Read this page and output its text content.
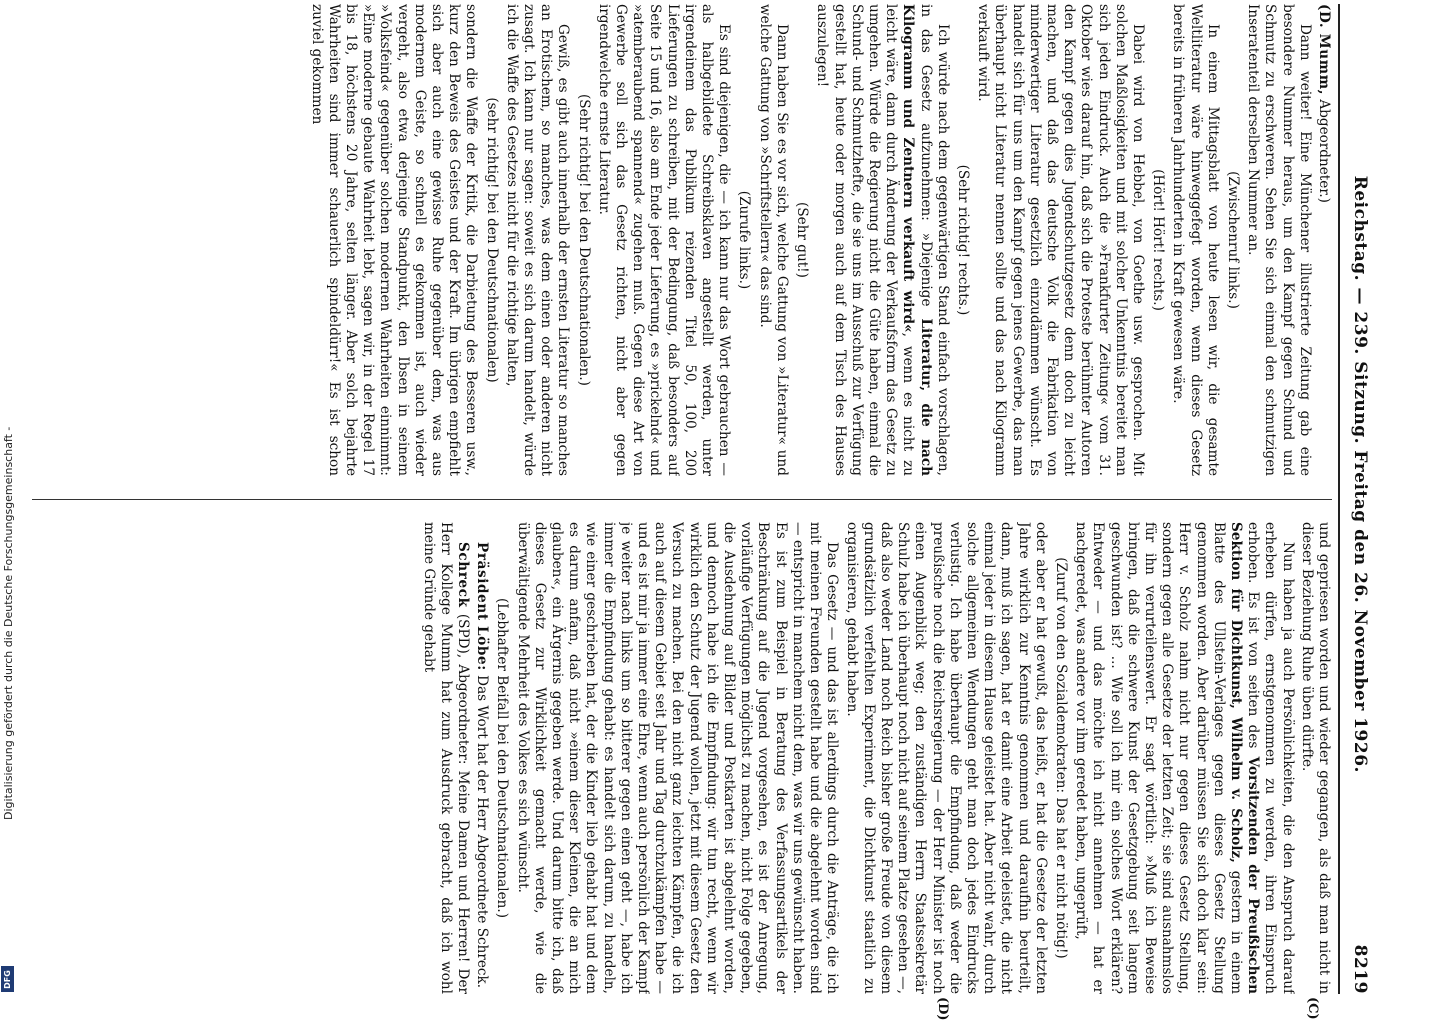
Digitalisierung gefördert durch die Deutsche Forschungsgemeinschaft -
DFG
Reichstag. — 239. Sitzung. Freitag den 26. November 1926.
8219

(D. Mumm, Abgeordneter.)

Dann weiter! Eine Münchener illustrierte Zeitung gab eine besondere Nummer heraus, um den Kampf gegen Schund und Schmutz zu erschweren. Sehen Sie sich einmal den schmutzigen Inseratenteil derselben Nummer an.

(Zwischenruf links.)

In einem Mittagsblatt von heute lesen wir, die gesamte Weltliteratur wäre hinweggefegt worden, wenn dieses Gesetz bereits in früheren Jahrhunderten in Kraft gewesen wäre.

(Hört! Hört! rechts.)

Dabei wird von Hebbel, von Goethe usw. gesprochen. Mit solchen Maßlosigkeiten und mit solcher Unkenntnis bereitet man sich jeden Eindruck. Auch die »Frankfurter Zeitung« vom 31. Oktober wies darauf hin, daß sich die Proteste berühmter Autoren den Kampf gegen dies Jugendschutzgesetz denn doch zu leicht machen, und daß das deutsche Volk die Fabrikation von minderwertiger Literatur gesetzlich einzudämmen wünscht. Es handelt sich für uns um den Kampf gegen jenes Gewerbe, das man überhaupt nicht Literatur nennen sollte und das nach Kilogramm verkauft wird.

(Sehr richtig! rechts.)

Ich würde nach dem gegenwärtigen Stand einfach vorschlagen, in das Gesetz aufzunehmen: »Diejenige Literatur, die nach Kilogramm und Zentnern verkauft wird«, wenn es nicht zu leicht wäre, dann durch Änderung der Verkaufsform das Gesetz zu umgehen. Würde die Regierung nicht die Güte haben, einmal die Schund- und Schmutzhefte, die sie uns im Ausschuß zur Verfügung gestellt hat, heute oder morgen auch auf dem Tisch des Hauses auszulegen!

(Sehr gut!)

Dann haben Sie es vor sich, welche Gattung von »Literatur« und welche Gattung von »Schriftstellern« das sind.

(Zurufe links.)

Es sind diejenigen, die — ich kann nur das Wort gebrauchen — als halbgebildete Schreibsklaven angestellt werden, unter irgendeinem das Publikum reizenden Titel 50, 100, 200 Lieferungen zu schreiben, mit der Bedingung, daß besonders auf Seite 15 und 16, also am Ende jeder Lieferung, es »prickelnd« und »atemberaubend spannend« zugehen muß. Gegen diese Art von Gewerbe soll sich das Gesetz richten, nicht aber gegen irgendwelche ernste Literatur.

(Sehr richtig! bei den Deutschnationalen.)

Gewiß, es gibt auch innerhalb der ernsten Literatur so manches an Erotischem, so manches, was dem einen oder anderen nicht zusagt. Ich kann nur sagen: soweit es sich darum handelt, würde ich die Waffe des Gesetzes nicht für die richtige halten,

(sehr richtig! bei den Deutschnationalen)

sondern die Waffe der Kritik, die Darbietung des Besseren usw., kurz den Beweis des Geistes und der Kraft. Im übrigen empfiehlt sich aber auch eine gewisse Ruhe gegenüber dem, was aus modernem Geiste, so schnell es gekommen ist, auch wieder vergeht, also etwa derjenige Standpunkt, den Ibsen in seinem »Volksfeind« gegenüber solchen modernen Wahrheiten einnimmt: »Eine moderne gebaute Wahrheit lebt, sagen wir, in der Regel 17 bis 18, höchstens 20 Jahre, selten länger. Aber solch bejahrte Wahrheiten sind immer schauerlich spindeldürr!« Es ist schon zuviel gekommen

und gepriesen worden und wieder gegangen, als daß man nicht in dieser Beziehung Ruhe üben dürfte.

Nun haben ja auch Persönlichkeiten, die den Anspruch darauf erheben dürfen, ernstgenommen zu werden, ihren Einspruch erhoben. Es ist von seiten des Vorsitzenden der Preußischen Sektion für Dichtkunst, Wilhelm v. Scholz, gestern in einem Blatte des Ullstein-Verlages gegen dieses Gesetz Stellung genommen worden. Aber darüber müssen Sie sich doch klar sein: Herr v. Scholz nahm nicht nur gegen dieses Gesetz Stellung, sondern gegen alle Gesetze der letzten Zeit; sie sind ausnahmslos für ihn verurteilenswert. Er sagt wörtlich: »Muß ich Beweise bringen, daß die schwere Kunst der Gesetzgebung seit langem geschwunden ist? ... Wie soll ich mir ein solches Wort erklären? Entweder — und das möchte ich nicht annehmen — hat er nachgeredet, was andere vor ihm geredet haben, ungeprüft,

(Zuruf von den Sozialdemokraten: Das hat er nicht nötig!)

oder aber er hat gewußt, das heißt, er hat die Gesetze der letzten Jahre wirklich zur Kenntnis genommen und daraufhin beurteilt, dann, muß ich sagen, hat er damit eine Arbeit geleistet, die nicht einmal jeder in diesem Hause geleistet hat. Aber nicht wahr, durch solche allgemeinen Wendungen geht man doch jedes Eindrucks verlustig. Ich habe überhaupt die Empfindung, daß weder die preußische noch die Reichsregierung — der Herr Minister ist noch einen Augenblick weg; den zuständigen Herrn Staatssekretär Schulz habe ich überhaupt noch nicht auf seinem Platze gesehen —, daß also weder Land noch Reich bisher große Freude von diesem grundsätzlich verfehlten Experiment, die Dichtkunst staatlich zu organisieren, gehabt haben.

Das Gesetz — und das ist allerdings durch die Anträge, die ich mit meinen Freunden gestellt habe und die abgelehnt worden sind — entspricht in manchem nicht dem, was wir uns gewünscht haben. Es ist zum Beispiel in Beratung des Verfassungsartikels der Beschränkung auf die Jugend vorgesehen, es ist der Anregung, vorläufige Verfügungen möglichst zu machen, nicht Folge gegeben, die Ausdehnung auf Bilder und Postkarten ist abgelehnt worden, und dennoch habe ich die Empfindung: wir tun recht, wenn wir wirklich den Schutz der Jugend wollen, jetzt mit diesem Gesetz den Versuch zu machen. Bei den nicht ganz leichten Kämpfen, die ich auch auf diesem Gebiet seit Jahr und Tag durchzukämpfen habe — und es ist mir ja immer eine Ehre, wenn auch persönlich der Kampf je weiter nach links um so bitterer gegen einen geht —, habe ich immer die Empfindung gehabt: es handelt sich darum, zu handeln, wie einer geschrieben hat, der die Kinder lieb gehabt hat und dem es darum anfam, daß nicht »einem dieser Kleinen, die an mich glauben«, ein Ärgernis gegeben werde. Und darum bitte ich, daß dieses Gesetz zur Wirklichkeit gemacht werde, wie die überwältigende Mehrheit des Volkes es sich wünscht.

(Lebhafter Beifall bei den Deutschnationalen.)

Präsident Löbe: Das Wort hat der Herr Abgeordnete Schreck.

Schreck (SPD), Abgeordneter: Meine Damen und Herren! Der Herr Kollege Mumm hat zum Ausdruck gebracht, daß ich wohl meine Gründe gehabt

(C)
(D)
